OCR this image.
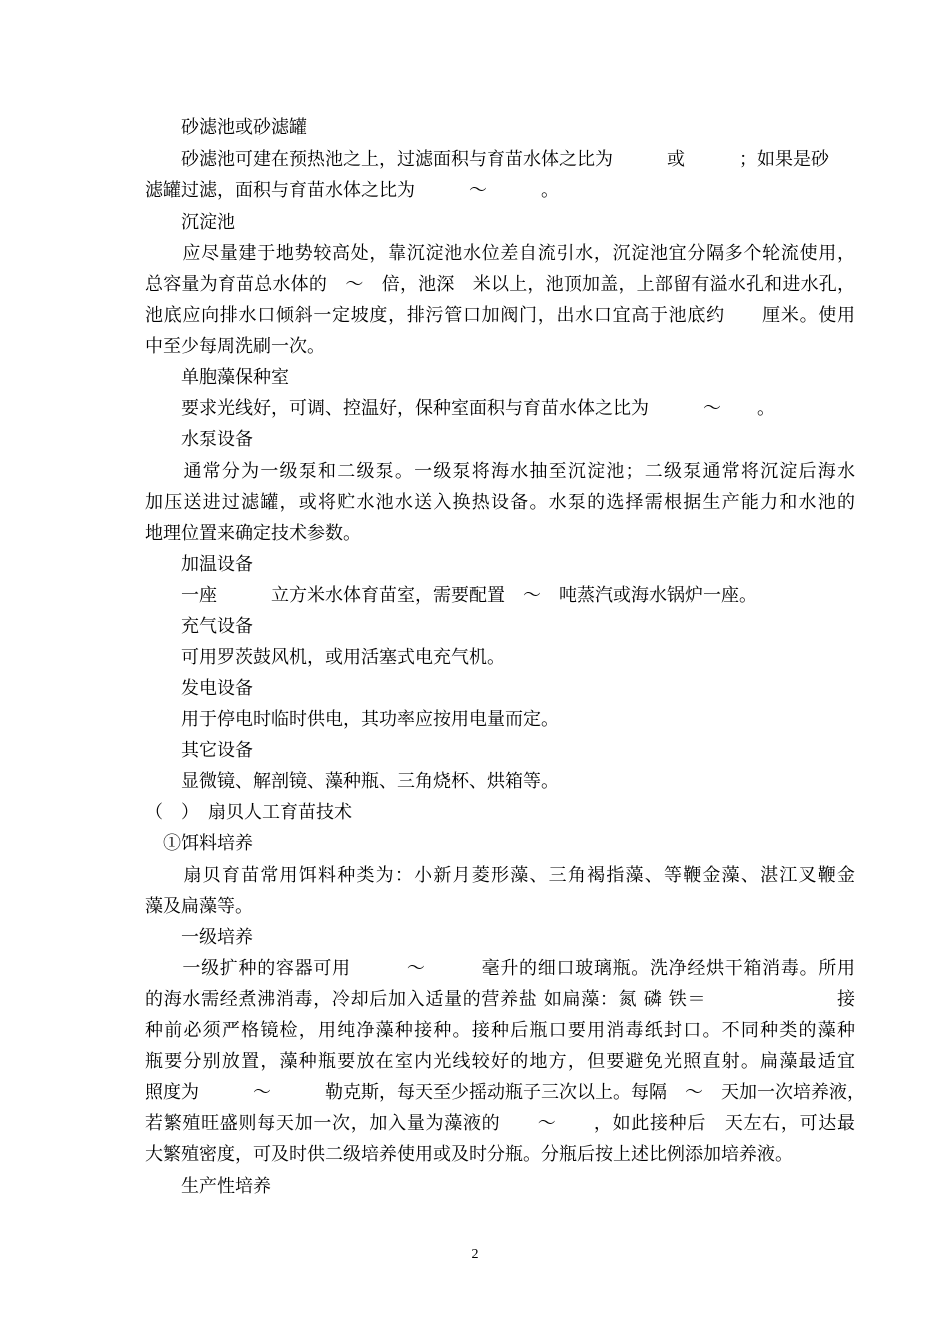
　　砂滤池或砂滤罐
　　砂滤池可建在预热池之上，过滤面积与育苗水体之比为　　　或　　　；如果是砂
滤罐过滤，面积与育苗水体之比为　　　～　　　。
　　沉淀池
　　应尽量建于地势较高处，靠沉淀池水位差自流引水，沉淀池宜分隔多个轮流使用，
总容量为育苗总水体的　～　倍，池深　米以上，池顶加盖，上部留有溢水孔和进水孔，
池底应向排水口倾斜一定坡度，排污管口加阀门，出水口宜高于池底约　　厘米。使用
中至少每周洗刷一次。
　　单胞藻保种室
　　要求光线好，可调、控温好，保种室面积与育苗水体之比为　　　～　　。
　　水泵设备
　　通常分为一级泵和二级泵。一级泵将海水抽至沉淀池；二级泵通常将沉淀后海水
加压送进过滤罐，或将贮水池水送入换热设备。水泵的选择需根据生产能力和水池的
地理位置来确定技术参数。
　　加温设备
　　一座　　　立方米水体育苗室，需要配置　～　吨蒸汽或海水锅炉一座。
　　充气设备
　　可用罗茨鼓风机，或用活塞式电充气机。
　　发电设备
　　用于停电时临时供电，其功率应按用电量而定。
　　其它设备
　　显微镜、解剖镜、藻种瓶、三角烧杯、烘箱等。
（　）　扇贝人工育苗技术
　①饵料培养
　　扇贝育苗常用饵料种类为：小新月菱形藻、三角褐指藻、等鞭金藻、湛江叉鞭金
藻及扁藻等。
　　一级培养
　　一级扩种的容器可用　　　～　　　毫升的细口玻璃瓶。洗净经烘干箱消毒。所用
的海水需经煮沸消毒，冷却后加入适量的营养盐 如扁藻：氮 磷 铁＝　　　　　　　接
种前必须严格镜检，用纯净藻种接种。接种后瓶口要用消毒纸封口。不同种类的藻种
瓶要分别放置，藻种瓶要放在室内光线较好的地方，但要避免光照直射。扁藻最适宜
照度为　　　～　　　勒克斯，每天至少摇动瓶子三次以上。每隔　～　天加一次培养液，
若繁殖旺盛则每天加一次，加入量为藻液的　　～　　，如此接种后　天左右，可达最
大繁殖密度，可及时供二级培养使用或及时分瓶。分瓶后按上述比例添加培养液。
　　生产性培养
2
